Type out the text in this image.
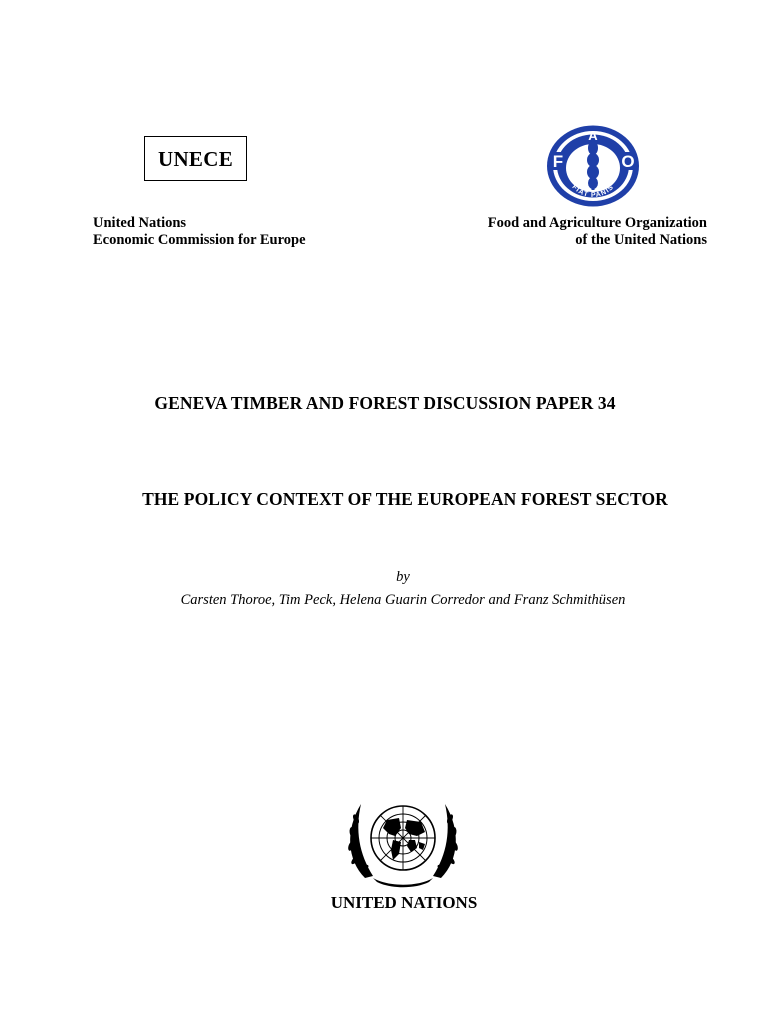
UNECE	F
A
O
FIAT PANIS
United Nations
Economic Commission for Europe
Food and Agriculture Organization
of the United Nations
GENEVA TIMBER AND FOREST DISCUSSION PAPER 34
THE POLICY CONTEXT OF THE EUROPEAN FOREST SECTOR
by
Carsten Thoroe, Tim Peck, Helena Guarin Corredor and Franz Schmithüsen
UNITED NATIONS
